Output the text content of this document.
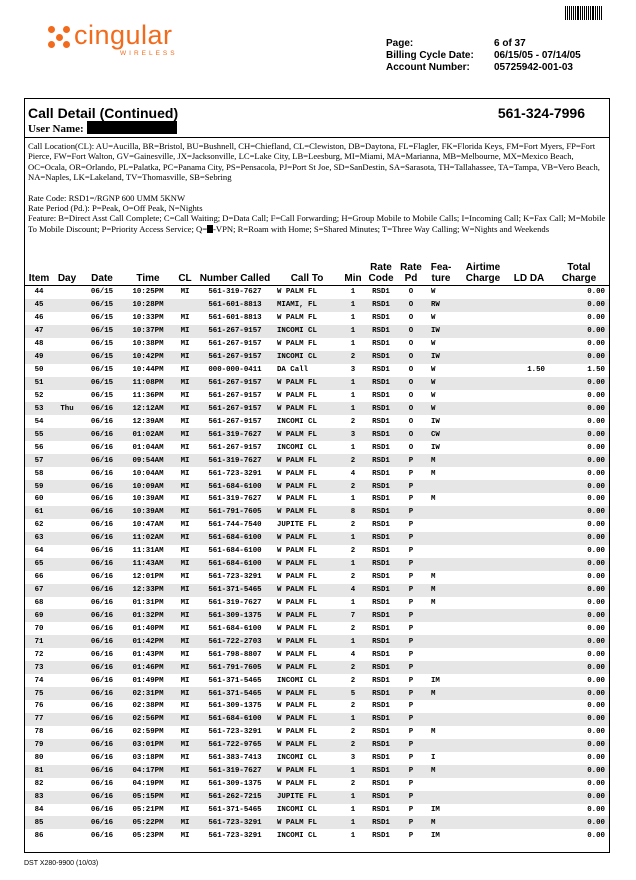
cingular
WIRELESS
Page:	6 of 37
Billing Cycle Date:	06/15/05 - 07/14/05
Account Number:	05725942-001-03
Call Detail (Continued)	561-324-7996
User Name:

Call Location(CL): AU=Aucilla, BR=Bristol, BU=Bushnell, CH=Chiefland, CL=Clewiston, DB=Daytona, FL=Flagler, FK=Florida Keys, FM=Fort Myers, FP=Fort Pierce, FW=Fort Walton, GV=Gainesville, JX=Jacksonville, LC=Lake City, LB=Leesburg, MI=Miami, MA=Marianna, MB=Melbourne, MX=Mexico Beach, OC=Ocala, OR=Orlando, PL=Palatka, PC=Panama City, PS=Pensacola, PJ=Port St Joe, SD=SanDestin, SA=Sarasota, TH=Tallahassee, TA=Tampa, VB=Vero Beach, NA=Naples, LK=Lakeland, TV=Thomasville, SB=Sebring

Rate Code: RSD1=/RGNP 600 UMM 5KNW

Rate Period (Pd.): P=Peak, O=Off Peak, N=Nights

Feature: B=Direct Asst Call Complete; C=Call Waiting; D=Data Call; F=Call Forwarding; H=Group Mobile to Mobile Calls; I=Incoming Call; K=Fax Call; M=Mobile To Mobile Discount; P=Priority Access Service; Q= -VPN; R=Roam with Home; S=Shared Minutes; T=Three Way Calling; W=Nights and Weekends

Item	Day	Date	Time	CL	Number Called	Call To	Min	Rate Code	Rate Pd	Fea- ture	Airtime Charge	LD DA	Total Charge
44		06/15	10:25PM	MI	561-319-7627	W PALM FL	1	RSD1	O	W			0.00
45		06/15	10:28PM		561-601-8813	MIAMI, FL	1	RSD1	O	RW			0.00
46		06/15	10:33PM	MI	561-601-8813	W PALM FL	1	RSD1	O	W			0.00
47		06/15	10:37PM	MI	561-267-9157	INCOMI CL	1	RSD1	O	IW			0.00
48		06/15	10:38PM	MI	561-267-9157	W PALM FL	1	RSD1	O	W			0.00
49		06/15	10:42PM	MI	561-267-9157	INCOMI CL	2	RSD1	O	IW			0.00
50		06/15	10:44PM	MI	000-000-0411	DA Call	3	RSD1	O	W		1.50	1.50
51		06/15	11:08PM	MI	561-267-9157	W PALM FL	1	RSD1	O	W			0.00
52		06/15	11:36PM	MI	561-267-9157	W PALM FL	1	RSD1	O	W			0.00
53	Thu	06/16	12:12AM	MI	561-267-9157	W PALM FL	1	RSD1	O	W			0.00
54		06/16	12:39AM	MI	561-267-9157	INCOMI CL	2	RSD1	O	IW			0.00
55		06/16	01:02AM	MI	561-319-7627	W PALM FL	3	RSD1	O	CW			0.00
56		06/16	01:04AM	MI	561-267-9157	INCOMI CL	1	RSD1	O	IW			0.00
57		06/16	09:54AM	MI	561-319-7627	W PALM FL	2	RSD1	P	M			0.00
58		06/16	10:04AM	MI	561-723-3291	W PALM FL	4	RSD1	P	M			0.00
59		06/16	10:09AM	MI	561-684-6100	W PALM FL	2	RSD1	P				0.00
60		06/16	10:39AM	MI	561-319-7627	W PALM FL	1	RSD1	P	M			0.00
61		06/16	10:39AM	MI	561-791-7605	W PALM FL	8	RSD1	P				0.00
62		06/16	10:47AM	MI	561-744-7540	JUPITE FL	2	RSD1	P				0.00
63		06/16	11:02AM	MI	561-684-6100	W PALM FL	1	RSD1	P				0.00
64		06/16	11:31AM	MI	561-684-6100	W PALM FL	2	RSD1	P				0.00
65		06/16	11:43AM	MI	561-684-6100	W PALM FL	1	RSD1	P				0.00
66		06/16	12:01PM	MI	561-723-3291	W PALM FL	2	RSD1	P	M			0.00
67		06/16	12:33PM	MI	561-371-5465	W PALM FL	4	RSD1	P	M			0.00
68		06/16	01:31PM	MI	561-319-7627	W PALM FL	1	RSD1	P	M			0.00
69		06/16	01:32PM	MI	561-309-1375	W PALM FL	7	RSD1	P				0.00
70		06/16	01:40PM	MI	561-684-6100	W PALM FL	2	RSD1	P				0.00
71		06/16	01:42PM	MI	561-722-2703	W PALM FL	1	RSD1	P				0.00
72		06/16	01:43PM	MI	561-798-8807	W PALM FL	4	RSD1	P				0.00
73		06/16	01:46PM	MI	561-791-7605	W PALM FL	2	RSD1	P				0.00
74		06/16	01:49PM	MI	561-371-5465	INCOMI CL	2	RSD1	P	IM			0.00
75		06/16	02:31PM	MI	561-371-5465	W PALM FL	5	RSD1	P	M			0.00
76		06/16	02:38PM	MI	561-309-1375	W PALM FL	2	RSD1	P				0.00
77		06/16	02:56PM	MI	561-684-6100	W PALM FL	1	RSD1	P				0.00
78		06/16	02:59PM	MI	561-723-3291	W PALM FL	2	RSD1	P	M			0.00
79		06/16	03:01PM	MI	561-722-9765	W PALM FL	2	RSD1	P				0.00
80		06/16	03:18PM	MI	561-383-7413	INCOMI CL	3	RSD1	P	I			0.00
81		06/16	04:17PM	MI	561-319-7627	W PALM FL	1	RSD1	P	M			0.00
82		06/16	04:19PM	MI	561-309-1375	W PALM FL	2	RSD1	P				0.00
83		06/16	05:15PM	MI	561-262-7215	JUPITE FL	1	RSD1	P				0.00
84		06/16	05:21PM	MI	561-371-5465	INCOMI CL	1	RSD1	P	IM			0.00
85		06/16	05:22PM	MI	561-723-3291	W PALM FL	1	RSD1	P	M			0.00
86		06/16	05:23PM	MI	561-723-3291	INCOMI CL	1	RSD1	P	IM			0.00
DST X280-9900 (10/03)
